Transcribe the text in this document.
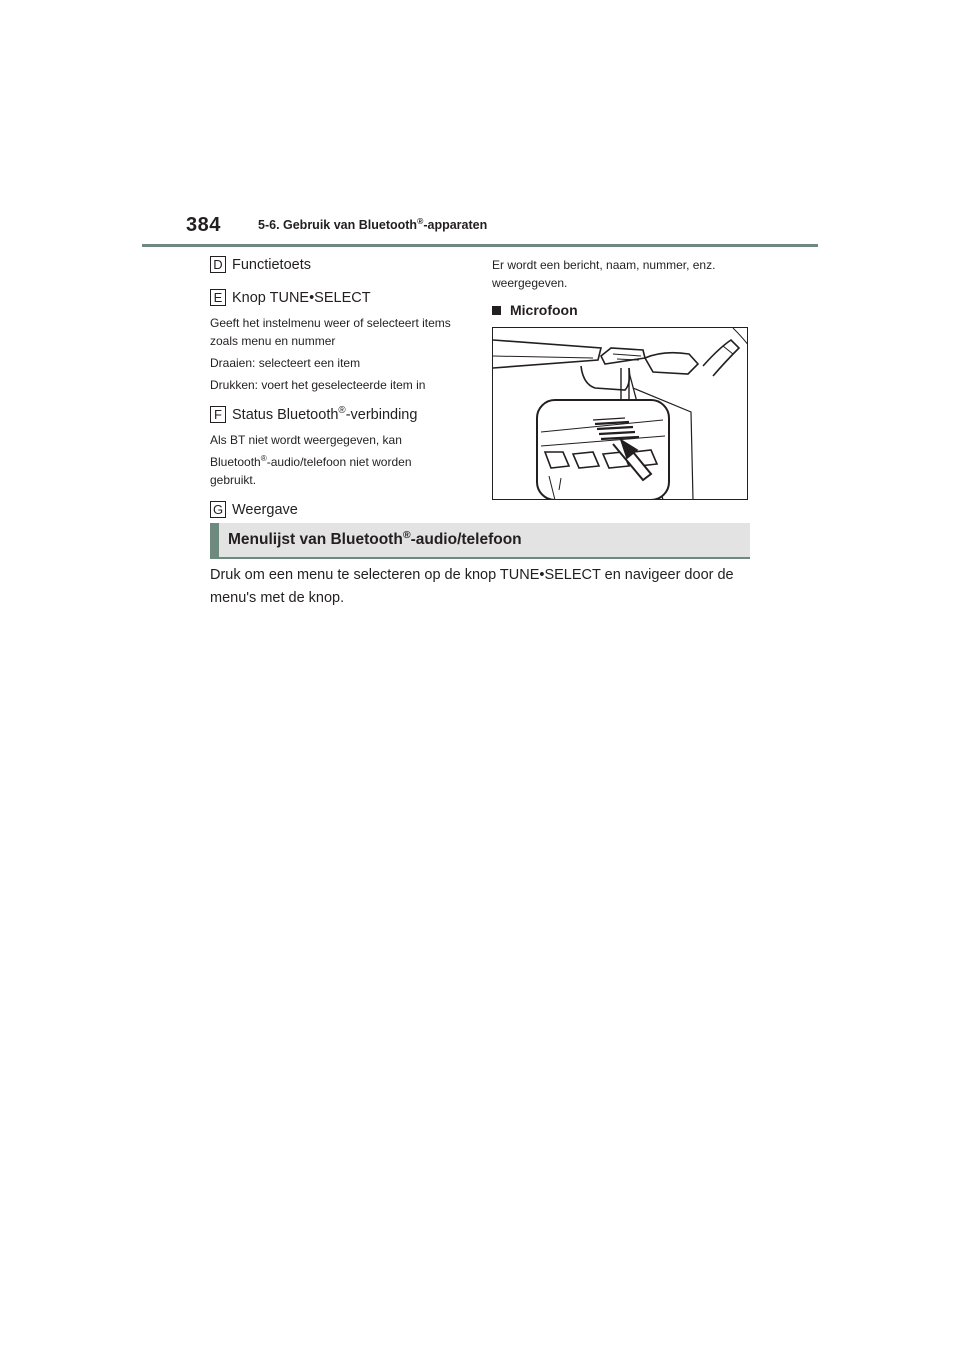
384	5-6. Gebruik van Bluetooth®-apparaten
D Functietoets
E Knop TUNE•SELECT

Geeft het instelmenu weer of selecteert items zoals menu en nummer

Draaien: selecteert een item

Drukken: voert het geselecteerde item in

F Status Bluetooth®-verbinding

Als BT niet wordt weergegeven, kan

Bluetooth®-audio/telefoon niet worden gebruikt.

G Weergave

Er wordt een bericht, naam, nummer, enz. weergegeven.

Microfoon
Menulijst van Bluetooth®-audio/telefoon
Druk om een menu te selecteren op de knop TUNE•SELECT en navigeer door de menu's met de knop.
